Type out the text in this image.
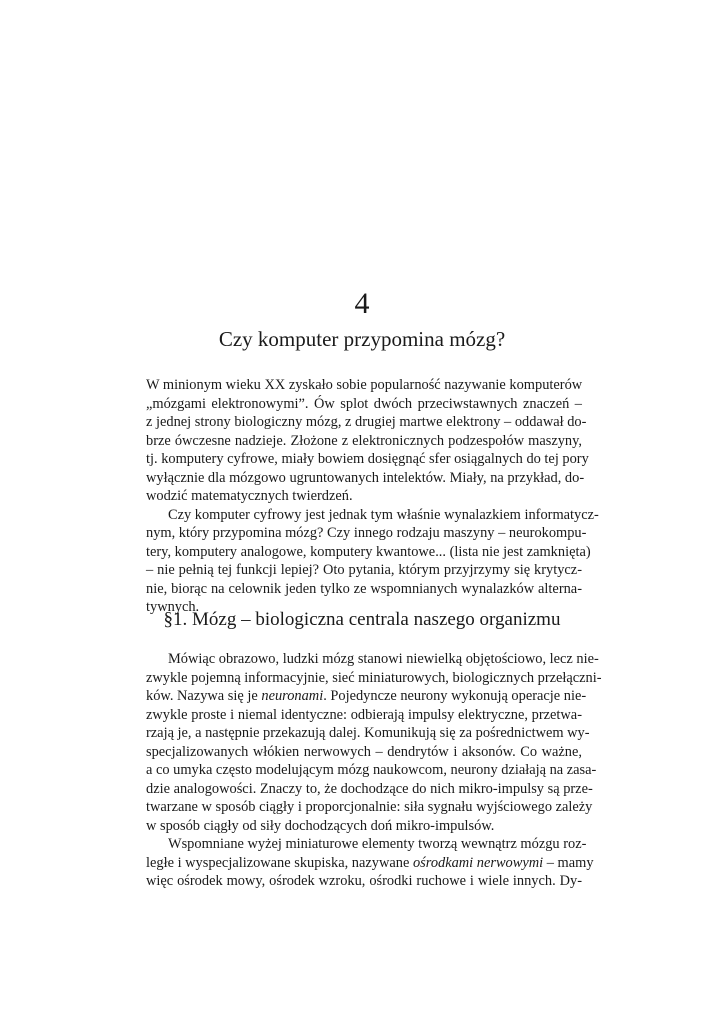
4
Czy komputer przypomina mózg?
W minionym wieku XX zyskało sobie popularność nazywanie komputerów
„mózgami elektronowymi”. Ów splot dwóch przeciwstawnych znaczeń –
z jednej strony biologiczny mózg, z drugiej martwe elektrony – oddawał do-
brze ówczesne nadzieje. Złożone z elektronicznych podzespołów maszyny,
tj. komputery cyfrowe, miały bowiem dosięgnąć sfer osiągalnych do tej pory
wyłącznie dla mózgowo ugruntowanych intelektów. Miały, na przykład, do-
wodzić matematycznych twierdzeń.
Czy komputer cyfrowy jest jednak tym właśnie wynalazkiem informatycz-
nym, który przypomina mózg? Czy innego rodzaju maszyny – neurokompu-
tery, komputery analogowe, komputery kwantowe... (lista nie jest zamknięta)
– nie pełnią tej funkcji lepiej? Oto pytania, którym przyjrzymy się krytycz-
nie, biorąc na celownik jeden tylko ze wspomnianych wynalazków alterna-
tywnych.
§1. Mózg – biologiczna centrala naszego organizmu
Mówiąc obrazowo, ludzki mózg stanowi niewielką objętościowo, lecz nie-
zwykle pojemną informacyjnie, sieć miniaturowych, biologicznych przełączni-
ków. Nazywa się je neuronami. Pojedyncze neurony wykonują operacje nie-
zwykle proste i niemal identyczne: odbierają impulsy elektryczne, przetwa-
rzają je, a następnie przekazują dalej. Komunikują się za pośrednictwem wy-
specjalizowanych włókien nerwowych – dendrytów i aksonów. Co ważne,
a co umyka często modelującym mózg naukowcom, neurony działają na zasa-
dzie analogowości. Znaczy to, że dochodzące do nich mikro-impulsy są prze-
twarzane w sposób ciągły i proporcjonalnie: siła sygnału wyjściowego zależy
w sposób ciągły od siły dochodzących doń mikro-impulsów.
Wspomniane wyżej miniaturowe elementy tworzą wewnątrz mózgu roz-
ległe i wyspecjalizowane skupiska, nazywane ośrodkami nerwowymi – mamy
więc ośrodek mowy, ośrodek wzroku, ośrodki ruchowe i wiele innych. Dy-
